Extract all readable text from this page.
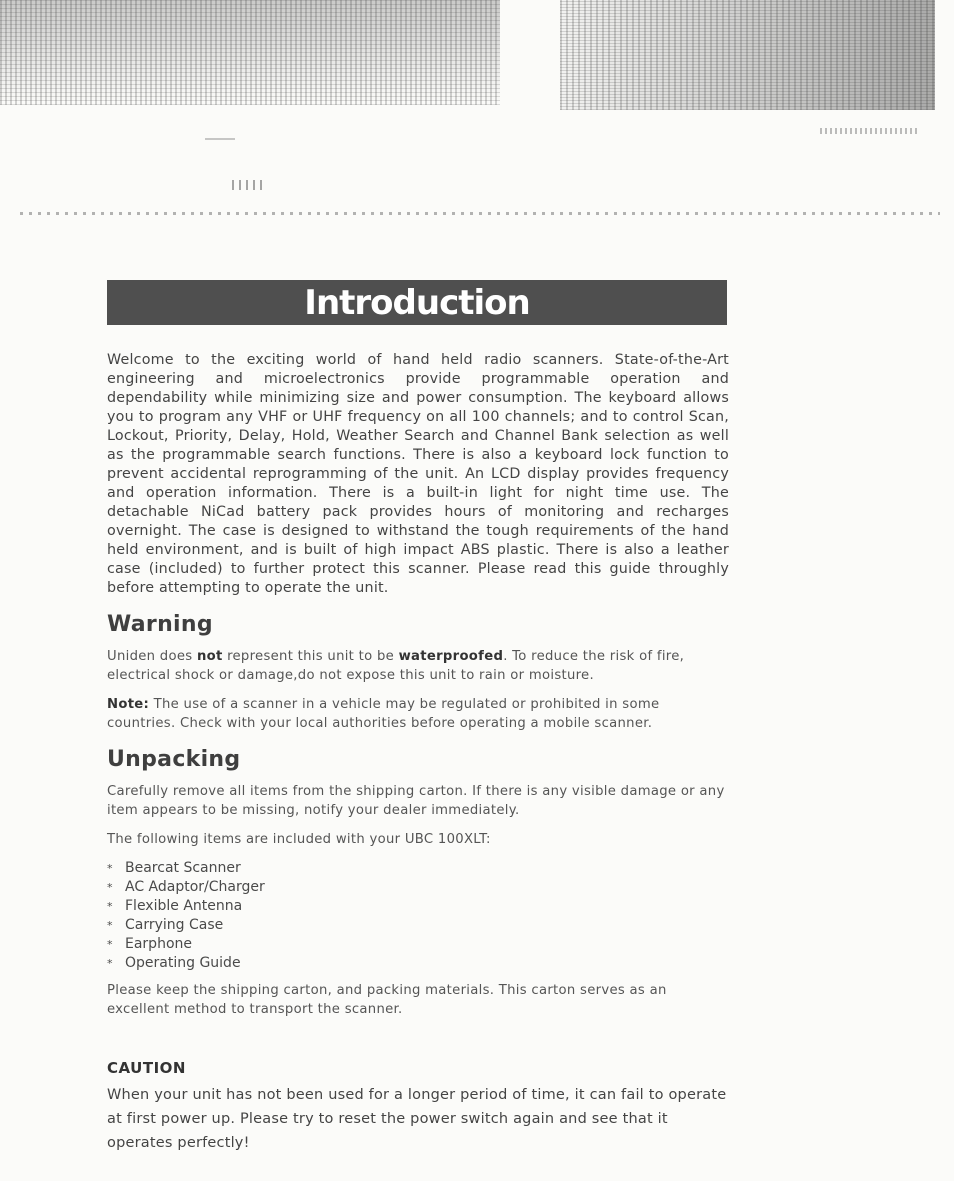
Introduction

Welcome to the exciting world of hand held radio scanners. State-of-the-Art engineering and microelectronics provide programmable operation and dependability while minimizing size and power consumption. The keyboard allows you to program any VHF or UHF frequency on all 100 channels; and to control Scan, Lockout, Priority, Delay, Hold, Weather Search and Channel Bank selection as well as the programmable search functions. There is also a keyboard lock function to prevent accidental reprogramming of the unit. An LCD display provides frequency and operation information. There is a built-in light for night time use. The detachable NiCad battery pack provides hours of monitoring and recharges overnight. The case is designed to withstand the tough requirements of the hand held environment, and is built of high impact ABS plastic. There is also a leather case (included) to further protect this scanner. Please read this guide throughly before attempting to operate the unit.

Warning

Uniden does not represent this unit to be waterproofed. To reduce the risk of fire, electrical shock or damage,do not expose this unit to rain or moisture.

Note: The use of a scanner in a vehicle may be regulated or prohibited in some countries. Check with your local authorities before operating a mobile scanner.

Unpacking

Carefully remove all items from the shipping carton. If there is any visible damage or any item appears to be missing, notify your dealer immediately.

The following items are included with your UBC 100XLT:

* Bearcat Scanner
* AC Adaptor/Charger
* Flexible Antenna
* Carrying Case
* Earphone
* Operating Guide

Please keep the shipping carton, and packing materials. This carton serves as an excellent method to transport the scanner.

CAUTION

When your unit has not been used for a longer period of time, it can fail to operate at first power up. Please try to reset the power switch again and see that it operates perfectly!
